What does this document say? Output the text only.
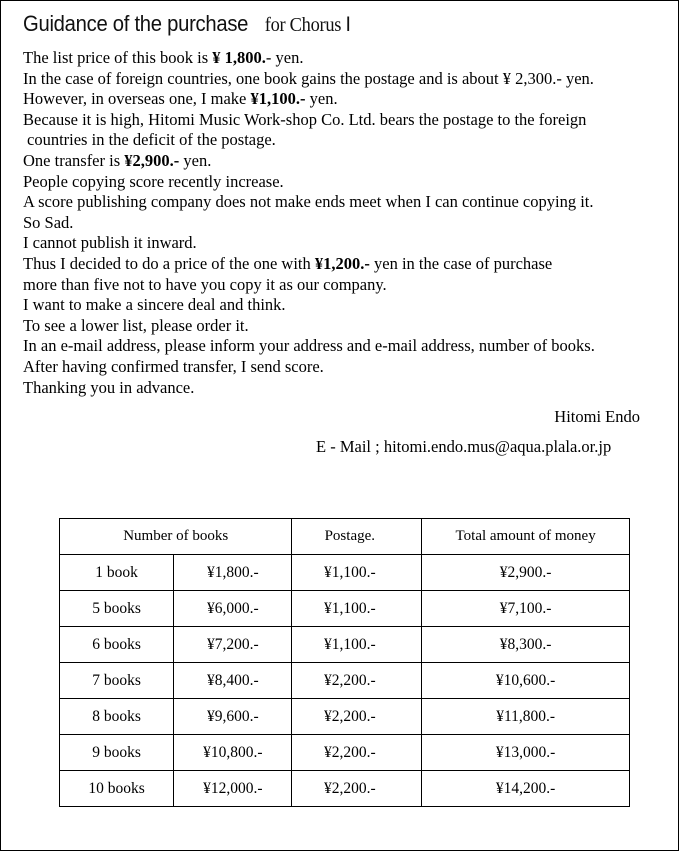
Guidance of the purchase for Chorus Ⅰ

The list price of this book is ¥ 1,800.- yen.

In the case of foreign countries, one book gains the postage and is about ¥ 2,300.- yen.

However, in overseas one, I make ¥1,100.- yen.

Because it is high, Hitomi Music Work-shop Co. Ltd. bears the postage to the foreign

countries in the deficit of the postage.

One transfer is ¥2,900.- yen.

People copying score recently increase.

A score publishing company does not make ends meet when I can continue copying it.

So Sad.

I cannot publish it inward.

Thus I decided to do a price of the one with ¥1,200.- yen in the case of purchase

more than five not to have you copy it as our company.

I want to make a sincere deal and think.

To see a lower list, please order it.

In an e-mail address, please inform your address and e-mail address, number of books.

After having confirmed transfer, I send score.

Thanking you in advance.

Hitomi Endo
E - Mail ; hitomi.endo.mus@aqua.plala.or.jp
Number of books		Postage.	Total amount of money
1 book	¥1,800.-	¥1,100.-	¥2,900.-
5 books	¥6,000.-	¥1,100.-	¥7,100.-
6 books	¥7,200.-	¥1,100.-	¥8,300.-
7 books	¥8,400.-	¥2,200.-	¥10,600.-
8 books	¥9,600.-	¥2,200.-	¥11,800.-
9 books	¥10,800.-	¥2,200.-	¥13,000.-
10 books	¥12,000.-	¥2,200.-	¥14,200.-
